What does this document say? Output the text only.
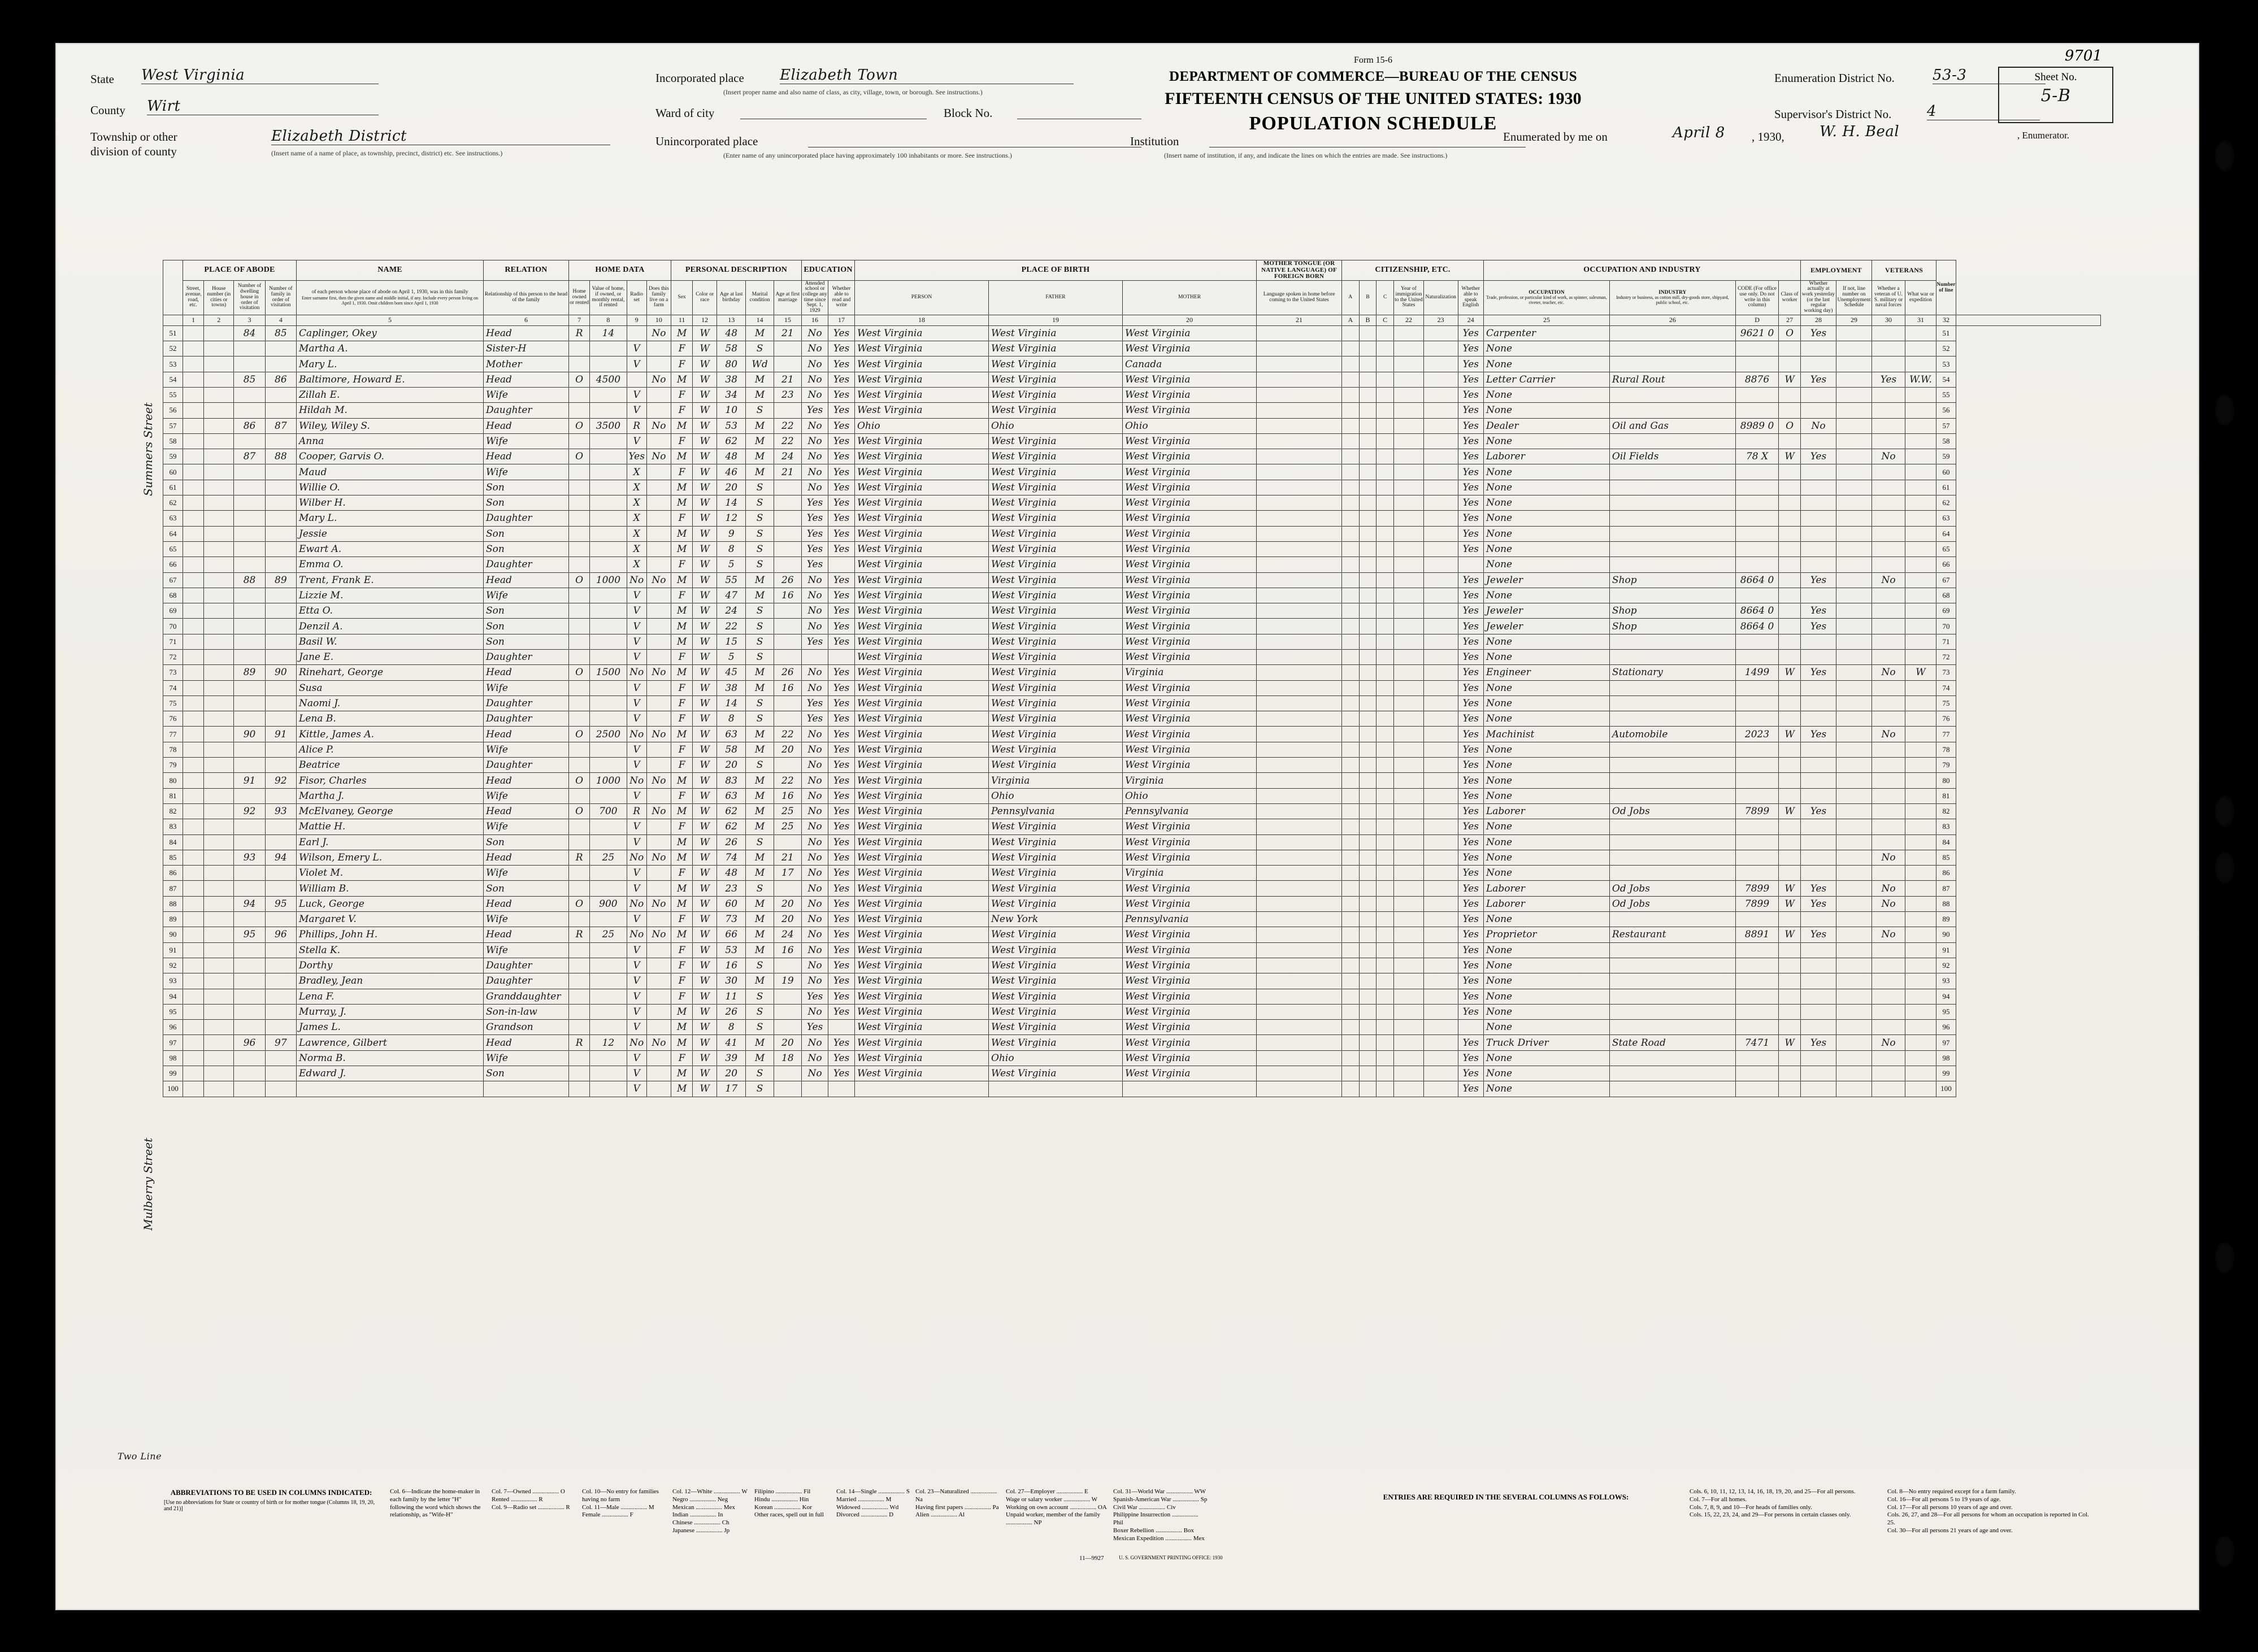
State West Virginia
County Wirt
Township or other
division of county
Elizabeth District
(Insert name of a name of place, as township, precinct, district) etc. See instructions.)
Incorporated place Elizabeth Town
(Insert proper name and also name of class, as city, village, town, or borough. See instructions.)
Ward of city	Block No.
Unincorporated place
(Enter name of any unincorporated place having approximately 100 inhabitants or more. See instructions.)
Institution
(Insert name of institution, if any, and indicate the lines on which the entries are made. See instructions.)
Form 15-6
DEPARTMENT OF COMMERCE—BUREAU OF THE CENSUS
FIFTEENTH CENSUS OF THE UNITED STATES: 1930
POPULATION SCHEDULE
Enumeration District No.	53-3
Supervisor's District No. 4
Sheet No.
5-B
9701
Enumerated by me on	April 8 , 1930, W. H. Beal	, Enumerator.
Summers Street
Mulberry Street
Two Line
	PLACE OF ABODE				NAME	RELATION	HOME DATA				PERSONAL DESCRIPTION					EDUCATION		PLACE OF BIRTH			MOTHER TONGUE (OR NATIVE LANGUAGE) OF FOREIGN BORN	CITIZENSHIP, ETC.						OCCUPATION AND INDUSTRY				EMPLOYMENT		VETERANS		Number of line	
Street, avenue, road, etc.	House number (in cities or towns)	Number of dwelling house in order of visitation	Number of family in order of visitation	
of each person whose place of abode on April 1, 1930, was in this family
Enter surname first, then the given name and middle initial, if any. Include every person living on April 1, 1930. Omit children born since April 1, 1930
	Relationship of this person to the head of the family	Home owned or rented	Value of home, if owned, or monthly rental, if rented	Radio set	Does this family live on a farm	Sex	Color or race	Age at last birthday	Marital condition	Age at first marriage	Attended school or college any time since Sept. 1, 1929	Whether able to read and write	PERSON	FATHER	MOTHER	Language spoken in home before coming to the United States	A	B	C	Year of immigration to the United States	Naturalization	Whether able to speak English	
OCCUPATION
Trade, profession, or particular kind of work, as spinner, salesman, riveter, teacher, etc.

INDUSTRY
Industry or business, as cotton mill, dry-goods store, shipyard, public school, etc.
	CODE (For office use only. Do not write in this column)	Class of worker	Whether actually at work yesterday (or the last regular working day)	If not, line number on Unemployment Schedule	Whether a veteran of U. S. military or naval forces	What war or expedition
	1	2	3	4	5	6	7	8	9	10	11	12	13	14	15	16	17	18	19	20	21	A	B	C	22	23	24	25	26	D	27	28	29	30	31	32	
51			84	85	Caplinger, Okey	Head	R	14		No	M	W	48	M	21	No	Yes	West Virginia	West Virginia	West Virginia							Yes	Carpenter		9621 0	O	Yes				51	
52					Martha A.	Sister-H			V		F	W	58	S		No	Yes	West Virginia	West Virginia	West Virginia							Yes	None								52	
53					Mary L.	Mother			V		F	W	80	Wd		No	Yes	West Virginia	West Virginia	Canada							Yes	None								53	
54			85	86	Baltimore, Howard E.	Head	O	4500		No	M	W	38	M	21	No	Yes	West Virginia	West Virginia	West Virginia							Yes	Letter Carrier	Rural Rout	8876	W	Yes		Yes	W.W.	54	
55					Zillah E.	Wife			V		F	W	34	M	23	No	Yes	West Virginia	West Virginia	West Virginia							Yes	None								55	
56					Hildah M.	Daughter			V		F	W	10	S		Yes	Yes	West Virginia	West Virginia	West Virginia							Yes	None								56	
57			86	87	Wiley, Wiley S.	Head	O	3500	R	No	M	W	53	M	22	No	Yes	Ohio	Ohio	Ohio							Yes	Dealer	Oil and Gas	8989 0	O	No				57	
58					Anna	Wife			V		F	W	62	M	22	No	Yes	West Virginia	West Virginia	West Virginia							Yes	None								58	
59			87	88	Cooper, Garvis O.	Head	O		Yes	No	M	W	48	M	24	No	Yes	West Virginia	West Virginia	West Virginia							Yes	Laborer	Oil Fields	78 X	W	Yes		No		59	
60					Maud	Wife			X		F	W	46	M	21	No	Yes	West Virginia	West Virginia	West Virginia							Yes	None								60	
61					Willie O.	Son			X		M	W	20	S		No	Yes	West Virginia	West Virginia	West Virginia							Yes	None								61	
62					Wilber H.	Son			X		M	W	14	S		Yes	Yes	West Virginia	West Virginia	West Virginia							Yes	None								62	
63					Mary L.	Daughter			X		F	W	12	S		Yes	Yes	West Virginia	West Virginia	West Virginia							Yes	None								63	
64					Jessie	Son			X		M	W	9	S		Yes	Yes	West Virginia	West Virginia	West Virginia							Yes	None								64	
65					Ewart A.	Son			X		M	W	8	S		Yes	Yes	West Virginia	West Virginia	West Virginia							Yes	None								65	
66					Emma O.	Daughter			X		F	W	5	S		Yes		West Virginia	West Virginia	West Virginia								None								66	
67			88	89	Trent, Frank E.	Head	O	1000	No	No	M	W	55	M	26	No	Yes	West Virginia	West Virginia	West Virginia							Yes	Jeweler	Shop	8664 0		Yes		No		67	
68					Lizzie M.	Wife			V		F	W	47	M	16	No	Yes	West Virginia	West Virginia	West Virginia							Yes	None								68	
69					Etta O.	Son			V		M	W	24	S		No	Yes	West Virginia	West Virginia	West Virginia							Yes	Jeweler	Shop	8664 0		Yes				69	
70					Denzil A.	Son			V		M	W	22	S		No	Yes	West Virginia	West Virginia	West Virginia							Yes	Jeweler	Shop	8664 0		Yes				70	
71					Basil W.	Son			V		M	W	15	S		Yes	Yes	West Virginia	West Virginia	West Virginia							Yes	None								71	
72					Jane E.	Daughter			V		F	W	5	S				West Virginia	West Virginia	West Virginia							Yes	None								72	
73			89	90	Rinehart, George	Head	O	1500	No	No	M	W	45	M	26	No	Yes	West Virginia	West Virginia	Virginia							Yes	Engineer	Stationary	1499	W	Yes		No	W	73	
74					Susa	Wife			V		F	W	38	M	16	No	Yes	West Virginia	West Virginia	West Virginia							Yes	None								74	
75					Naomi J.	Daughter			V		F	W	14	S		Yes	Yes	West Virginia	West Virginia	West Virginia							Yes	None								75	
76					Lena B.	Daughter			V		F	W	8	S		Yes	Yes	West Virginia	West Virginia	West Virginia							Yes	None								76	
77			90	91	Kittle, James A.	Head	O	2500	No	No	M	W	63	M	22	No	Yes	West Virginia	West Virginia	West Virginia							Yes	Machinist	Automobile	2023	W	Yes		No		77	
78					Alice P.	Wife			V		F	W	58	M	20	No	Yes	West Virginia	West Virginia	West Virginia							Yes	None								78	
79					Beatrice	Daughter			V		F	W	20	S		No	Yes	West Virginia	West Virginia	West Virginia							Yes	None								79	
80			91	92	Fisor, Charles	Head	O	1000	No	No	M	W	83	M	22	No	Yes	West Virginia	Virginia	Virginia							Yes	None								80	
81					Martha J.	Wife			V		F	W	63	M	16	No	Yes	West Virginia	Ohio	Ohio							Yes	None								81	
82			92	93	McElvaney, George	Head	O	700	R	No	M	W	62	M	25	No	Yes	West Virginia	Pennsylvania	Pennsylvania							Yes	Laborer	Od Jobs	7899	W	Yes				82	
83					Mattie H.	Wife			V		F	W	62	M	25	No	Yes	West Virginia	West Virginia	West Virginia							Yes	None								83	
84					Earl J.	Son			V		M	W	26	S		No	Yes	West Virginia	West Virginia	West Virginia							Yes	None								84	
85			93	94	Wilson, Emery L.	Head	R	25	No	No	M	W	74	M	21	No	Yes	West Virginia	West Virginia	West Virginia							Yes	None						No		85	
86					Violet M.	Wife			V		F	W	48	M	17	No	Yes	West Virginia	West Virginia	Virginia							Yes	None								86	
87					William B.	Son			V		M	W	23	S		No	Yes	West Virginia	West Virginia	West Virginia							Yes	Laborer	Od Jobs	7899	W	Yes		No		87	
88			94	95	Luck, George	Head	O	900	No	No	M	W	60	M	20	No	Yes	West Virginia	West Virginia	West Virginia							Yes	Laborer	Od Jobs	7899	W	Yes		No		88	
89					Margaret V.	Wife			V		F	W	73	M	20	No	Yes	West Virginia	New York	Pennsylvania							Yes	None								89	
90			95	96	Phillips, John H.	Head	R	25	No	No	M	W	66	M	24	No	Yes	West Virginia	West Virginia	West Virginia							Yes	Proprietor	Restaurant	8891	W	Yes		No		90	
91					Stella K.	Wife			V		F	W	53	M	16	No	Yes	West Virginia	West Virginia	West Virginia							Yes	None								91	
92					Dorthy	Daughter			V		F	W	16	S		No	Yes	West Virginia	West Virginia	West Virginia							Yes	None								92	
93					Bradley, Jean	Daughter			V		F	W	30	M	19	No	Yes	West Virginia	West Virginia	West Virginia							Yes	None								93	
94					Lena F.	Granddaughter			V		F	W	11	S		Yes	Yes	West Virginia	West Virginia	West Virginia							Yes	None								94	
95					Murray, J.	Son-in-law			V		M	W	26	S		No	Yes	West Virginia	West Virginia	West Virginia							Yes	None								95	
96					James L.	Grandson			V		M	W	8	S		Yes		West Virginia	West Virginia	West Virginia								None								96	
97			96	97	Lawrence, Gilbert	Head	R	12	No	No	M	W	41	M	20	No	Yes	West Virginia	West Virginia	West Virginia							Yes	Truck Driver	State Road	7471	W	Yes		No		97	
98					Norma B.	Wife			V		F	W	39	M	18	No	Yes	West Virginia	Ohio	West Virginia							Yes	None								98	
99					Edward J.	Son			V		M	W	20	S		No	Yes	West Virginia	West Virginia	West Virginia							Yes	None								99	
100									V		M	W	17	S													Yes	None								100	
ABBREVIATIONS TO BE USED IN COLUMNS INDICATED:
[Use no abbreviations for State or country of birth or for mother tongue (Columns 18, 19, 20, and 21)]
Col. 6—Indicate the home-maker in each family by the letter "H" following the word which shows the relationship, as "Wife-H"
Col. 7—Owned ................. O
Rented ................. R
Col. 9—Radio set ................. R
Col. 10—No entry for families having no farm
Col. 11—Male ................. M
Female ................. F
Col. 12—White ................. W
Negro ................. Neg
Mexican ................. Mex
Indian ................. In
Chinese ................. Ch
Japanese ................. Jp
Filipino ................. Fil
Hindu ................. Hin
Korean ................. Kor
Other races, spell out in full
Col. 14—Single ................. S
Married ................. M
Widowed ................. Wd
Divorced ................. D
Col. 23—Naturalized ................. Na
Having first papers ................. Pa
Alien ................. Al
Col. 27—Employer ................. E
Wage or salary worker ................. W
Working on own account ................. OA
Unpaid worker, member of the family ................. NP
Col. 31—World War ................. WW
Spanish-American War ................. Sp
Civil War ................. Civ
Philippine Insurrection ................. Phil
Boxer Rebellion ................. Box
Mexican Expedition ................. Mex
ENTRIES ARE REQUIRED IN THE SEVERAL COLUMNS AS FOLLOWS:
Cols. 6, 10, 11, 12, 13, 14, 16, 18, 19, 20, and 25—For all persons.
Col. 7—For all homes.
Cols. 7, 8, 9, and 10—For heads of families only.
Cols. 15, 22, 23, 24, and 29—For persons in certain classes only.
Col. 8—No entry required except for a farm family.
Col. 16—For all persons 5 to 19 years of age.
Col. 17—For all persons 10 years of age and over.
Cols. 26, 27, and 28—For all persons for whom an occupation is reported in Col. 25.
Col. 30—For all persons 21 years of age and over.
11—9927	U. S. GOVERNMENT PRINTING OFFICE: 1930
